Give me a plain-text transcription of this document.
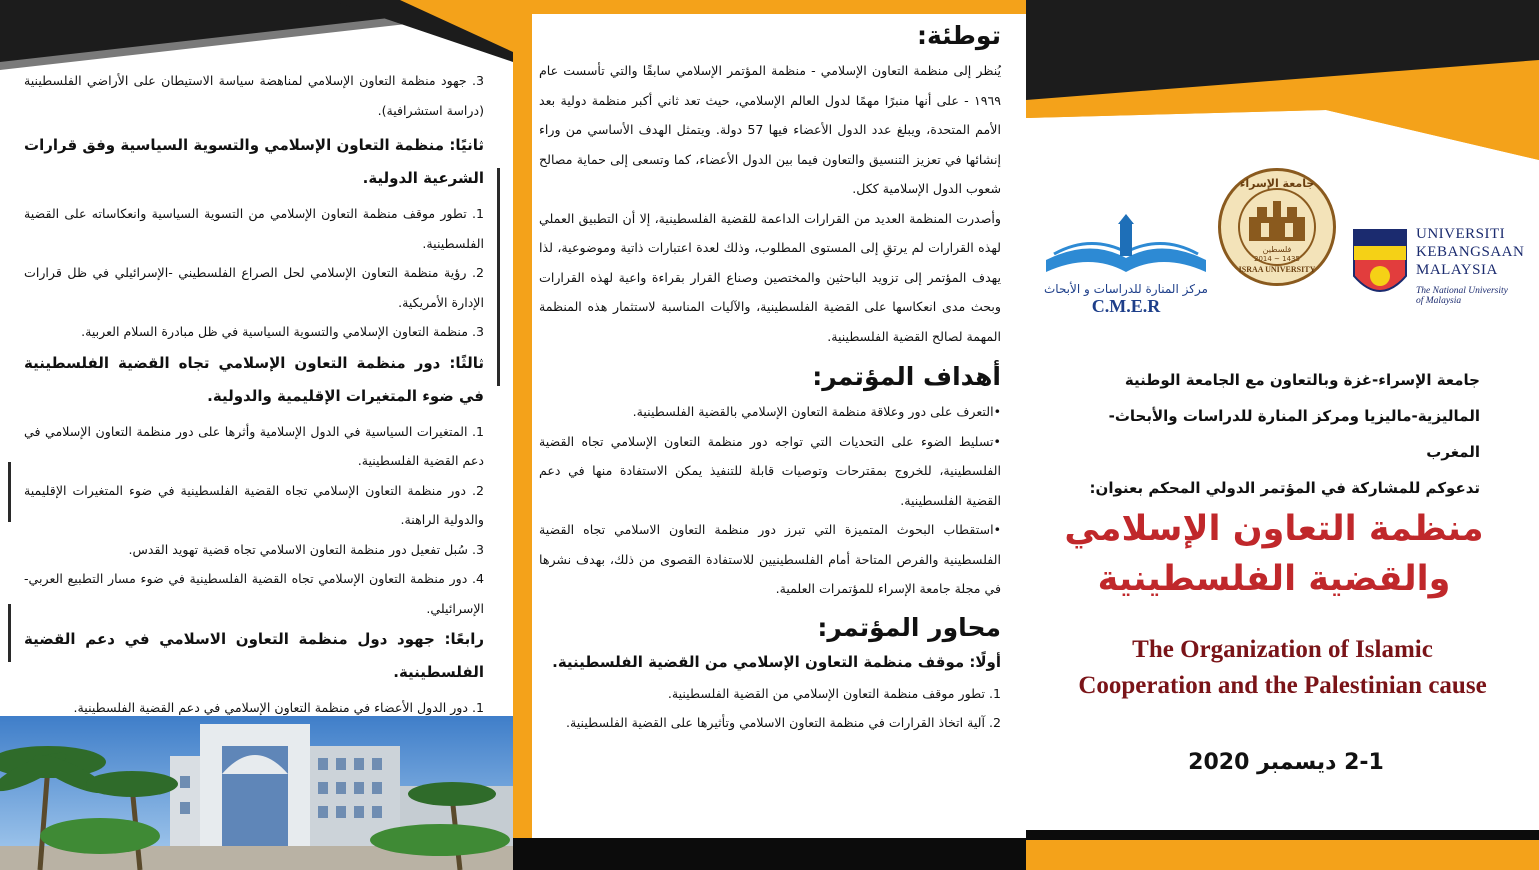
3. جهود منظمة التعاون الإسلامي لمناهضة سياسة الاستيطان على الأراضي الفلسطينية (دراسة استشرافية).
ثانيًا: منظمة التعاون الإسلامي والتسوية السياسية وفق قرارات الشرعية الدولية.
1. تطور موقف منظمة التعاون الإسلامي من التسوية السياسية وانعكاساته على القضية الفلسطينية.
2. رؤية منظمة التعاون الإسلامي لحل الصراع الفلسطيني -الإسرائيلي في ظل قرارات الإدارة الأمريكية.
3. منظمة التعاون الإسلامي والتسوية السياسية في ظل مبادرة السلام العربية.
ثالثًا: دور منظمة التعاون الإسلامي تجاه القضية الفلسطينية في ضوء المتغيرات الإقليمية والدولية.
1. المتغيرات السياسية في الدول الإسلامية وأثرها على دور منظمة التعاون الإسلامي في دعم القضية الفلسطينية.
2. دور منظمة التعاون الإسلامي تجاه القضية الفلسطينية في ضوء المتغيرات الإقليمية والدولية الراهنة.
3. سُبل تفعيل دور منظمة التعاون الاسلامي تجاه قضية تهويد القدس.
4. دور منظمة التعاون الإسلامي تجاه القضية الفلسطينية في ضوء مسار التطبيع العربي-الإسرائيلي.
رابعًا: جهود دول منظمة التعاون الاسلامي في دعم القضية الفلسطينية.
1. دور الدول الأعضاء في منظمة التعاون الإسلامي في دعم القضية الفلسطينية.
توطئة:
يُنظر إلى منظمة التعاون الإسلامي - منظمة المؤتمر الإسلامي سابقًا والتي تأسست عام ١٩٦٩ - على أنها منبرًا مهمًا لدول العالم الإسلامي، حيث تعد ثاني أكبر منظمة دولية بعد الأمم المتحدة، ويبلغ عدد الدول الأعضاء فيها 57 دولة. ويتمثل الهدف الأساسي من وراء إنشائها في تعزيز التنسيق والتعاون فيما بين الدول الأعضاء، كما وتسعى إلى حماية مصالح شعوب الدول الإسلامية ككل.
وأصدرت المنظمة العديد من القرارات الداعمة للقضية الفلسطينية، إلا أن التطبيق العملي لهذه القرارات لم يرتقِ إلى المستوى المطلوب، وذلك لعدة اعتبارات ذاتية وموضوعية، لذا يهدف المؤتمر إلى تزويد الباحثين والمختصين وصناع القرار بقراءة واعية لهذه القرارات وبحث مدى انعكاسها على القضية الفلسطينية، والآليات المناسبة لاستثمار هذه المنظمة المهمة لصالح القضية الفلسطينية.
أهداف المؤتمر:
•التعرف على دور وعلاقة منظمة التعاون الإسلامي بالقضية الفلسطينية.
•تسليط الضوء على التحديات التي تواجه دور منظمة التعاون الإسلامي تجاه القضية الفلسطينية، للخروج بمقترحات وتوصيات قابلة للتنفيذ يمكن الاستفادة منها في دعم القضية الفلسطينية.
•استقطاب البحوث المتميزة التي تبرز دور منظمة التعاون الاسلامي تجاه القضية الفلسطينية والفرص المتاحة أمام الفلسطينيين للاستفادة القصوى من ذلك، بهدف نشرها في مجلة جامعة الإسراء للمؤتمرات العلمية.
محاور المؤتمر:
أولًا: موقف منظمة التعاون الإسلامي من القضية الفلسطينية.
1. تطور موقف منظمة التعاون الإسلامي من القضية الفلسطينية.
2. آلية اتخاذ القرارات في منظمة التعاون الاسلامي وتأثيرها على القضية الفلسطينية.
مركز المنارة للدراسات و الأبحاث
C.M.E.R
جامعة الإسراء
فلسطين
2014 ~ 1435
ISRAA UNIVERSITY
UNIVERSITI
KEBANGSAAN
MALAYSIA
The National University
of Malaysia
جامعة الإسراء-غزة وبالتعاون مع الجامعة الوطنية
الماليزية-ماليزيا ومركز المنارة للدراسات والأبحاث-المغرب
تدعوكم للمشاركة في المؤتمر الدولي المحكم بعنوان:
منظمة التعاون الإسلامي
والقضية الفلسطينية
The Organization of Islamic
Cooperation and the Palestinian cause
2-1 ديسمبر 2020
